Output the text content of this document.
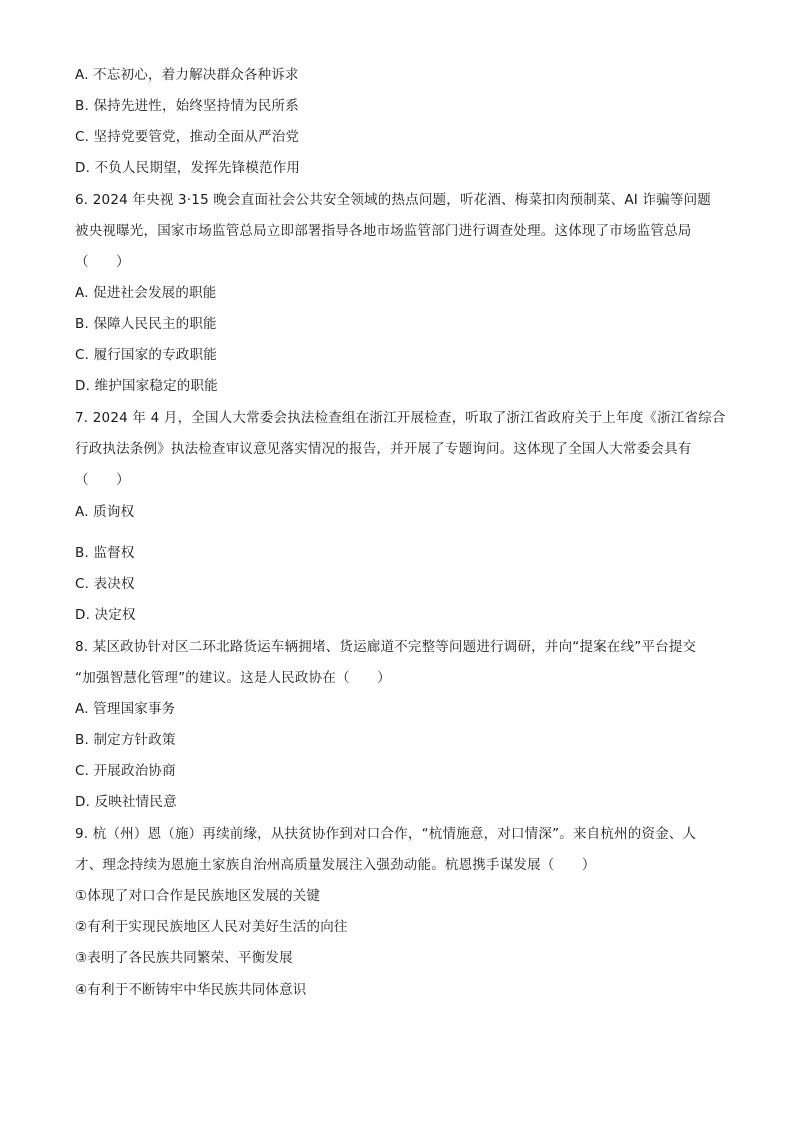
A. 不忘初心，着力解决群众各种诉求
B. 保持先进性，始终坚持情为民所系
C. 坚持党要管党，推动全面从严治党
D. 不负人民期望，发挥先锋模范作用
6. 2024 年央视 3·15 晚会直面社会公共安全领域的热点问题，听花酒、梅菜扣肉预制菜、AI 诈骗等问题
被央视曝光，国家市场监管总局立即部署指导各地市场监管部门进行调查处理。这体现了市场监管总局
（　　）
A. 促进社会发展的职能
B. 保障人民民主的职能
C. 履行国家的专政职能
D. 维护国家稳定的职能
7. 2024 年 4 月，全国人大常委会执法检查组在浙江开展检查，听取了浙江省政府关于上年度《浙江省综合
行政执法条例》执法检查审议意见落实情况的报告，并开展了专题询问。这体现了全国人大常委会具有
（　　）
A. 质询权
B. 监督权
C. 表决权
D. 决定权
8. 某区政协针对区二环北路货运车辆拥堵、货运廊道不完整等问题进行调研，并向“提案在线”平台提交
“加强智慧化管理”的建议。这是人民政协在（　　）
A. 管理国家事务
B. 制定方针政策
C. 开展政治协商
D. 反映社情民意
9. 杭（州）恩（施）再续前缘，从扶贫协作到对口合作，“杭情施意，对口情深”。来自杭州的资金、人
才、理念持续为恩施土家族自治州高质量发展注入强劲动能。杭恩携手谋发展（　　）
①体现了对口合作是民族地区发展的关键
②有利于实现民族地区人民对美好生活的向往
③表明了各民族共同繁荣、平衡发展
④有利于不断铸牢中华民族共同体意识
